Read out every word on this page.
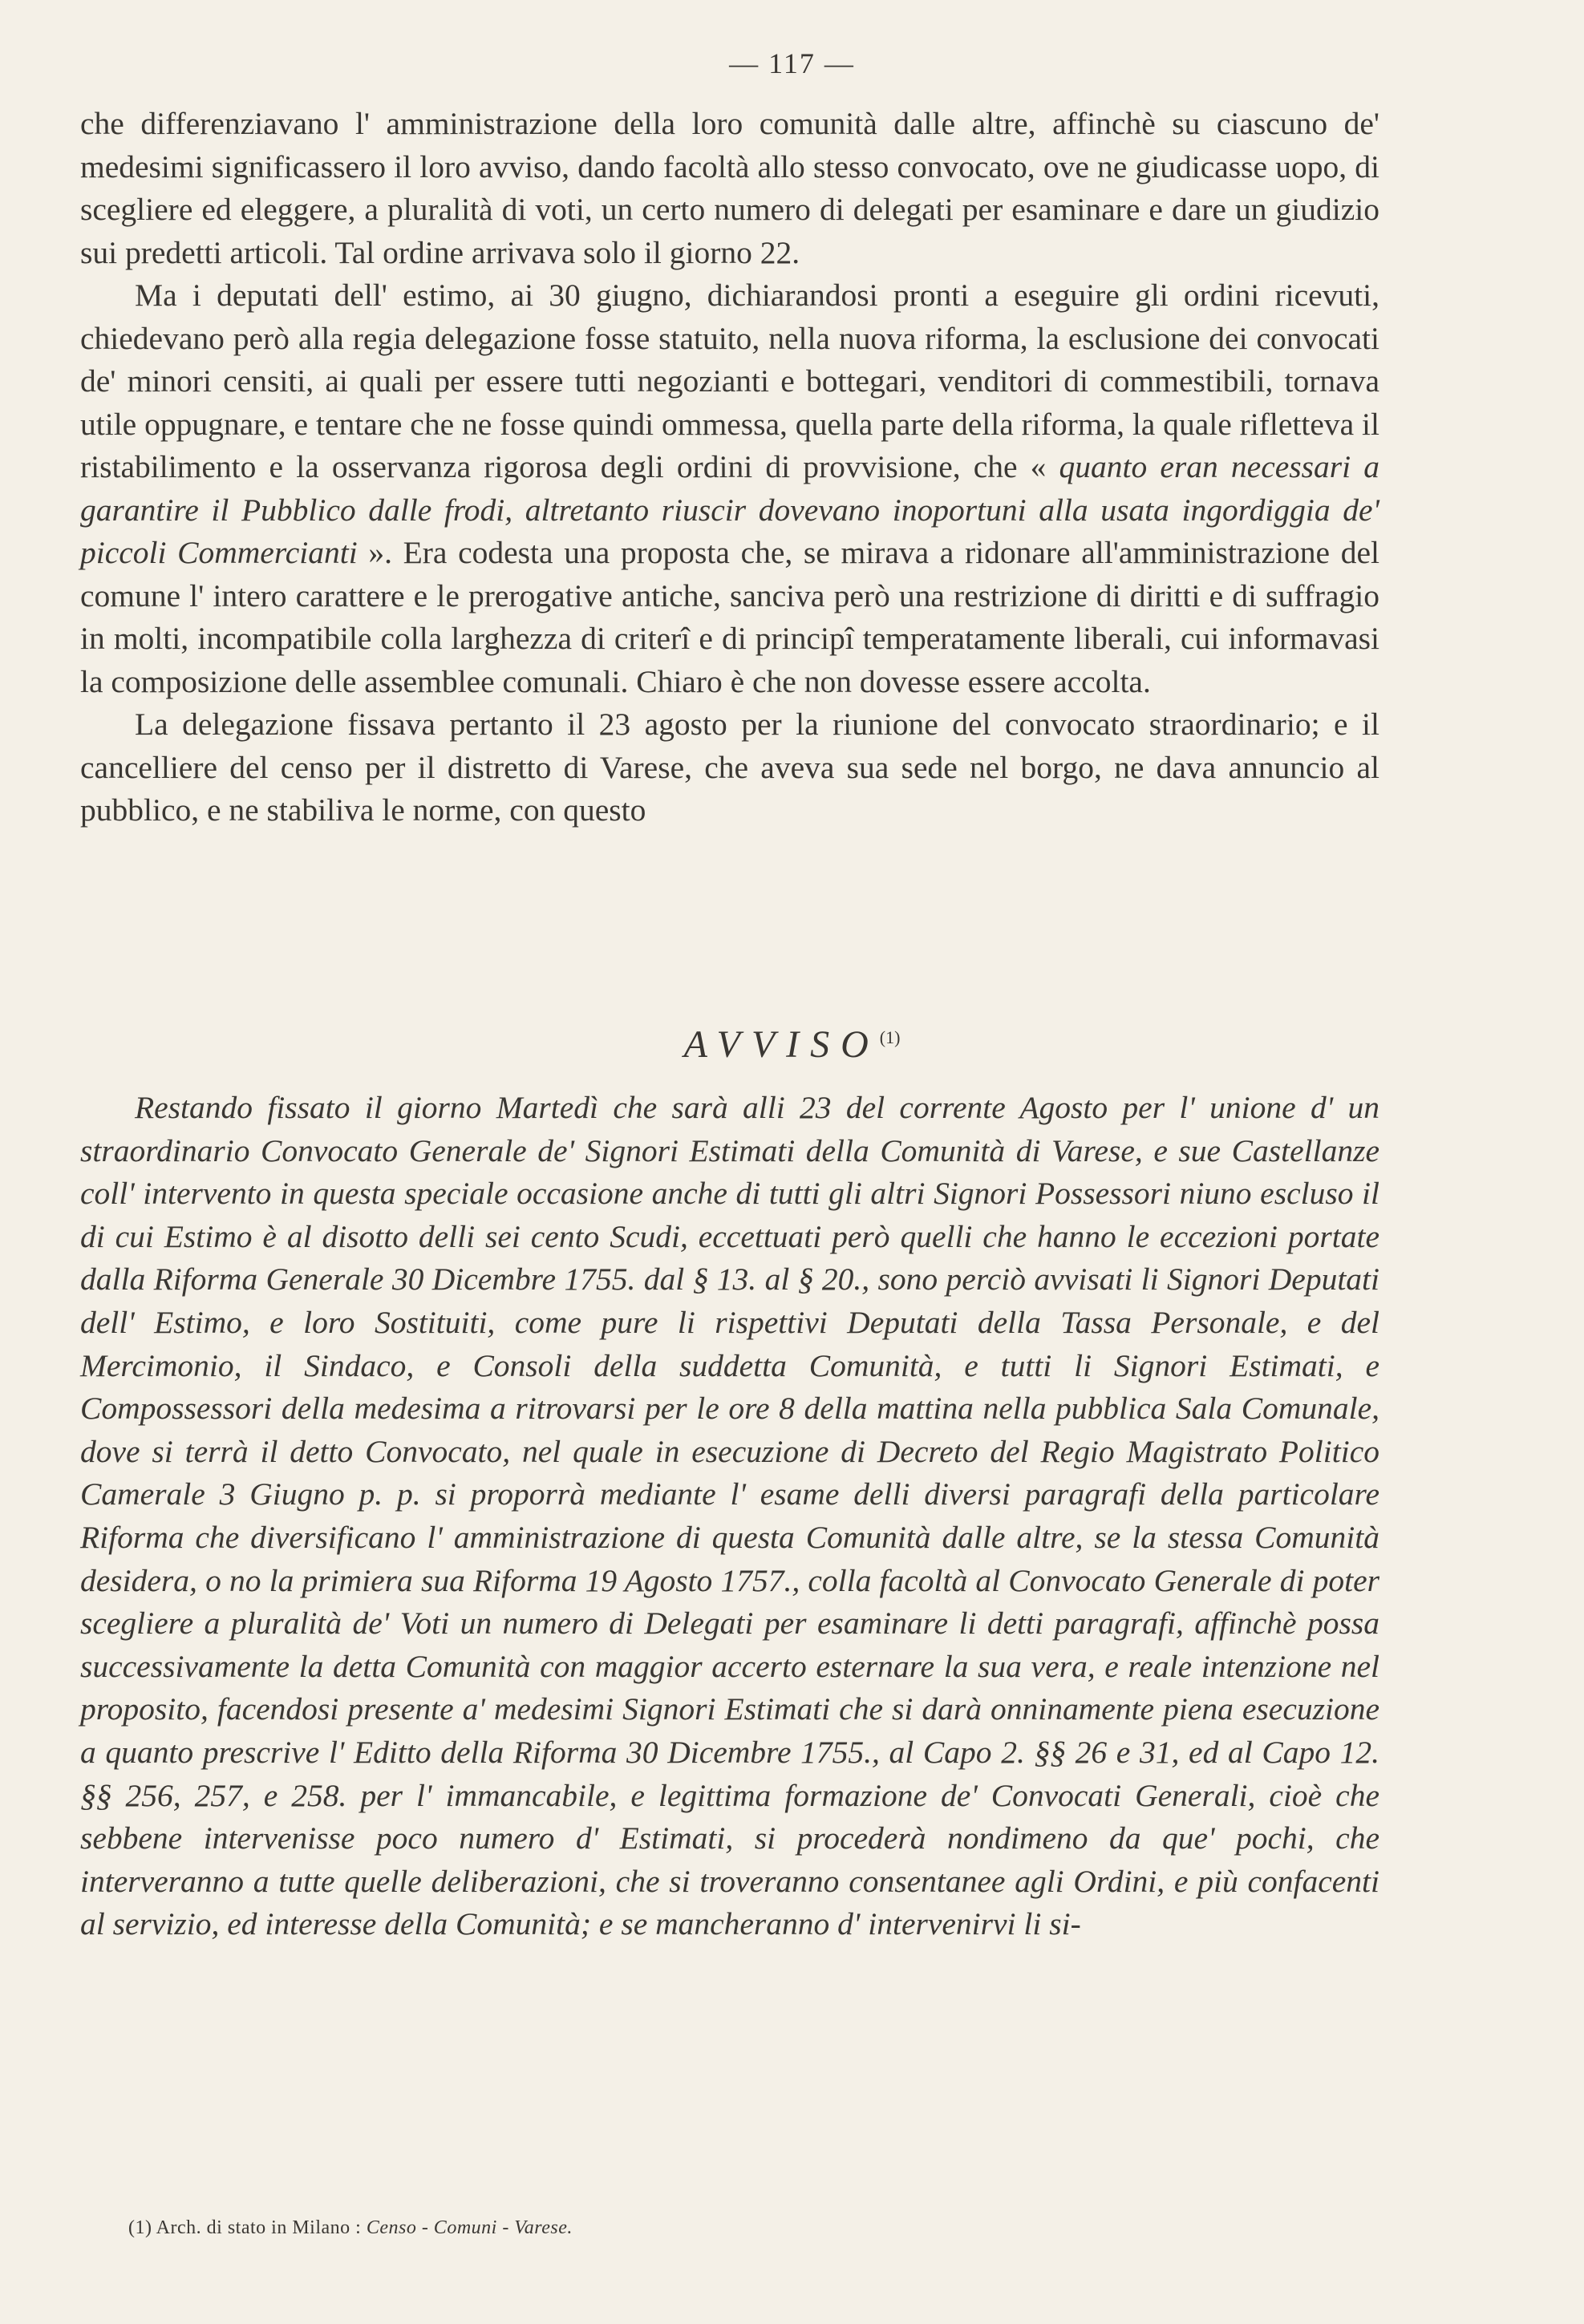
— 117 —

che differenziavano l' amministrazione della loro comunità dalle altre, affinchè su ciascuno de' medesimi significassero il loro avviso, dando facoltà allo stesso convocato, ove ne giudicasse uopo, di scegliere ed eleggere, a pluralità di voti, un certo numero di delegati per esaminare e dare un giudizio sui predetti articoli. Tal ordine arrivava solo il giorno 22.

Ma i deputati dell' estimo, ai 30 giugno, dichiarandosi pronti a eseguire gli ordini ricevuti, chiedevano però alla regia delegazione fosse statuito, nella nuova riforma, la esclusione dei convocati de' minori censiti, ai quali per essere tutti negozianti e bottegari, venditori di commestibili, tornava utile oppugnare, e tentare che ne fosse quindi ommessa, quella parte della riforma, la quale rifletteva il ristabilimento e la osservanza rigorosa degli ordini di provvisione, che « quanto eran necessari a garantire il Pubblico dalle frodi, altretanto riuscir dovevano inoportuni alla usata ingordiggia de' piccoli Commercianti ». Era codesta una proposta che, se mirava a ridonare all'amministrazione del comune l' intero carattere e le prerogative antiche, sanciva però una restrizione di diritti e di suffragio in molti, incompatibile colla larghezza di criterî e di principî temperatamente liberali, cui informavasi la composizione delle assemblee comunali. Chiaro è che non dovesse essere accolta.

La delegazione fissava pertanto il 23 agosto per la riunione del convocato straordinario; e il cancelliere del censo per il distretto di Varese, che aveva sua sede nel borgo, ne dava annuncio al pubblico, e ne stabiliva le norme, con questo

AVVISO$^{(1)}$

Restando fissato il giorno Martedì che sarà alli 23 del corrente Agosto per l' unione d' un straordinario Convocato Generale de' Signori Estimati della Comunità di Varese, e sue Castellanze coll' intervento in questa speciale occasione anche di tutti gli altri Signori Possessori niuno escluso il di cui Estimo è al disotto delli sei cento Scudi, eccettuati però quelli che hanno le eccezioni portate dalla Riforma Generale 30 Dicembre 1755. dal § 13. al § 20., sono perciò avvisati li Signori Deputati dell' Estimo, e loro Sostituiti, come pure li rispettivi Deputati della Tassa Personale, e del Mercimonio, il Sindaco, e Consoli della suddetta Comunità, e tutti li Signori Estimati, e Compossessori della medesima a ritrovarsi per le ore 8 della mattina nella pubblica Sala Comunale, dove si terrà il detto Convocato, nel quale in esecuzione di Decreto del Regio Magistrato Politico Camerale 3 Giugno p. p. si proporrà mediante l' esame delli diversi paragrafi della particolare Riforma che diversificano l' amministrazione di questa Comunità dalle altre, se la stessa Comunità desidera, o no la primiera sua Riforma 19 Agosto 1757., colla facoltà al Convocato Generale di poter scegliere a pluralità de' Voti un numero di Delegati per esaminare li detti paragrafi, affinchè possa successivamente la detta Comunità con maggior accerto esternare la sua vera, e reale intenzione nel proposito, facendosi presente a' medesimi Signori Estimati che si darà onninamente piena esecuzione a quanto prescrive l' Editto della Riforma 30 Dicembre 1755., al Capo 2. §§ 26 e 31, ed al Capo 12. §§ 256, 257, e 258. per l' immancabile, e legittima formazione de' Convocati Generali, cioè che sebbene intervenisse poco numero d' Estimati, si procederà nondimeno da que' pochi, che interveranno a tutte quelle deliberazioni, che si troveranno consentanee agli Ordini, e più confacenti al servizio, ed interesse della Comunità; e se mancheranno d' intervenirvi li si-

(1) Arch. di stato in Milano : Censo - Comuni - Varese.
